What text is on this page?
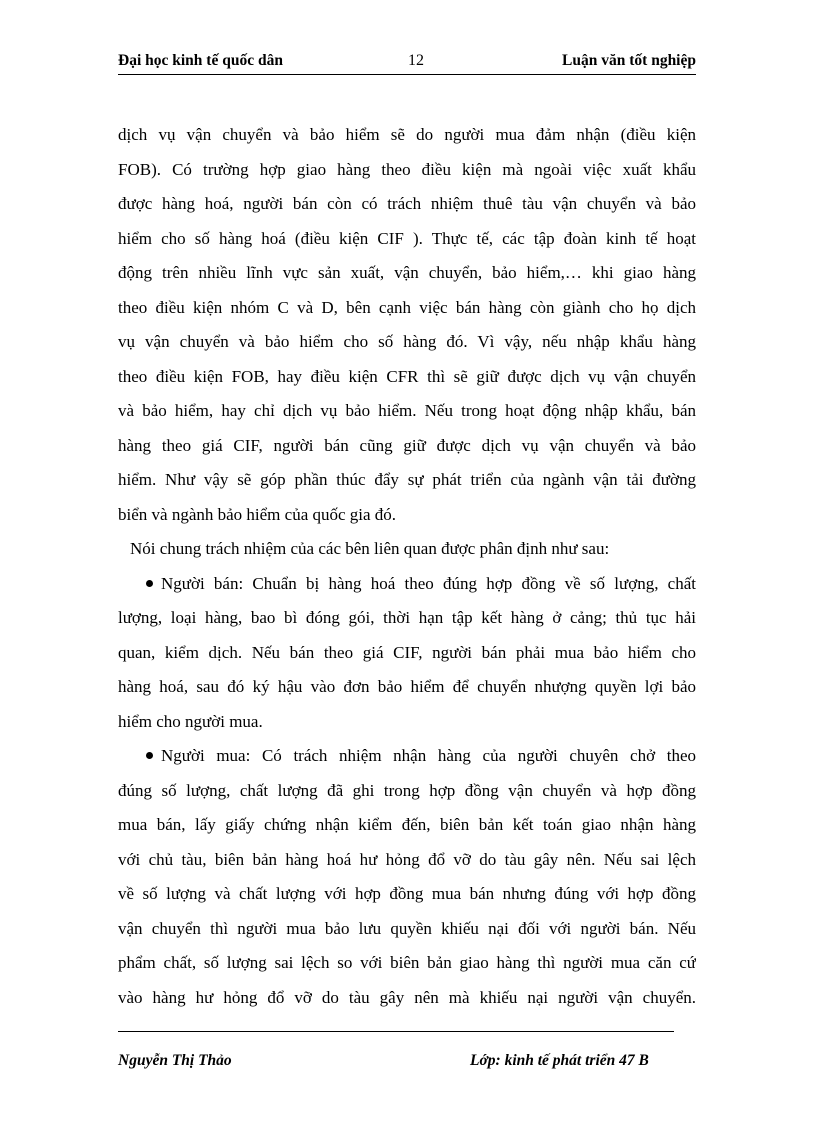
Đại học kinh tế quốc dân	12	Luận văn tốt nghiệp
dịch vụ vận chuyển và bảo hiểm sẽ do người mua đảm nhận (điều kiện
FOB). Có trường hợp giao hàng theo điều kiện mà ngoài việc xuất khẩu
được hàng hoá, người bán còn có trách nhiệm thuê tàu vận chuyển và bảo
hiểm cho số hàng hoá (điều kiện CIF ). Thực tế, các tập đoàn kinh tế hoạt
động trên nhiều lĩnh vực sản xuất, vận chuyển, bảo hiểm,… khi giao hàng
theo điều kiện nhóm C và D, bên cạnh việc bán hàng còn giành cho họ dịch
vụ vận chuyển và bảo hiểm cho số hàng đó. Vì vậy, nếu nhập khẩu hàng
theo điều kiện FOB, hay điều kiện CFR thì sẽ giữ được dịch vụ vận chuyển
và bảo hiểm, hay chỉ dịch vụ bảo hiểm. Nếu trong hoạt động nhập khẩu, bán
hàng theo giá CIF, người bán cũng giữ được dịch vụ vận chuyển và bảo
hiểm. Như vậy sẽ góp phần thúc đẩy sự phát triển của ngành vận tải đường
biển và ngành bảo hiểm của quốc gia đó.
Nói chung trách nhiệm của các bên liên quan được phân định như sau:
Người bán: Chuẩn bị hàng hoá theo đúng hợp đồng về số lượng, chất
lượng, loại hàng, bao bì đóng gói, thời hạn tập kết hàng ở cảng; thủ tục hải
quan, kiểm dịch. Nếu bán theo giá CIF, người bán phải mua bảo hiểm cho
hàng hoá, sau đó ký hậu vào đơn bảo hiểm để chuyển nhượng quyền lợi bảo
hiểm cho người mua.
Người mua: Có trách nhiệm nhận hàng của người chuyên chở theo
đúng số lượng, chất lượng đã ghi trong hợp đồng vận chuyển và hợp đồng
mua bán, lấy giấy chứng nhận kiểm đến, biên bản kết toán giao nhận hàng
với chủ tàu, biên bản hàng hoá hư hỏng đổ vỡ do tàu gây nên. Nếu sai lệch
về số lượng và chất lượng với hợp đồng mua bán nhưng đúng với hợp đồng
vận chuyển thì người mua bảo lưu quyền khiếu nại đối với người bán. Nếu
phẩm chất, số lượng sai lệch so với biên bản giao hàng thì người mua căn cứ
vào hàng hư hỏng đổ vỡ do tàu gây nên mà khiếu nại người vận chuyển.
Nguyễn Thị Thảo	Lớp: kinh tế phát triển 47 B
